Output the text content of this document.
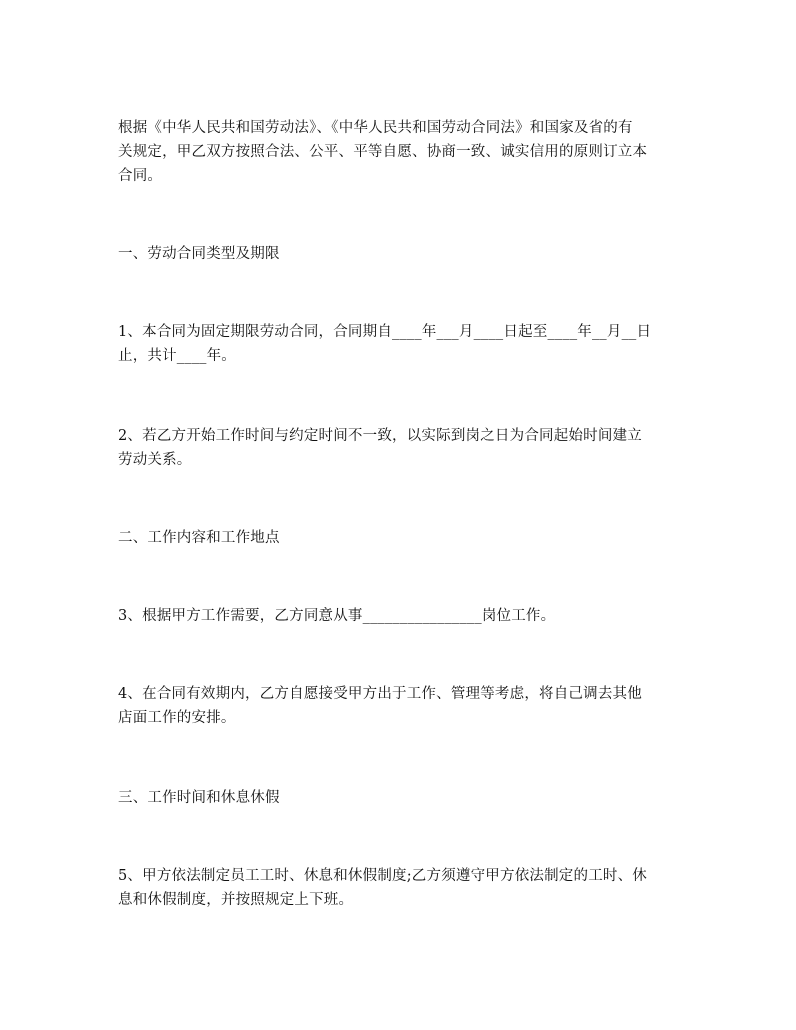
根据《中华人民共和国劳动法》、《中华人民共和国劳动合同法》和国家及省的有
关规定，甲乙双方按照合法、公平、平等自愿、协商一致、诚实信用的原则订立本
合同。

一、劳动合同类型及期限

1、本合同为固定期限劳动合同，合同期自____年___月____日起至____年__月__日
止，共计____年。

2、若乙方开始工作时间与约定时间不一致，以实际到岗之日为合同起始时间建立
劳动关系。

二、工作内容和工作地点

3、根据甲方工作需要，乙方同意从事________________岗位工作。

4、在合同有效期内，乙方自愿接受甲方出于工作、管理等考虑，将自己调去其他
店面工作的安排。

三、工作时间和休息休假

5、甲方依法制定员工工时、休息和休假制度;乙方须遵守甲方依法制定的工时、休
息和休假制度，并按照规定上下班。
